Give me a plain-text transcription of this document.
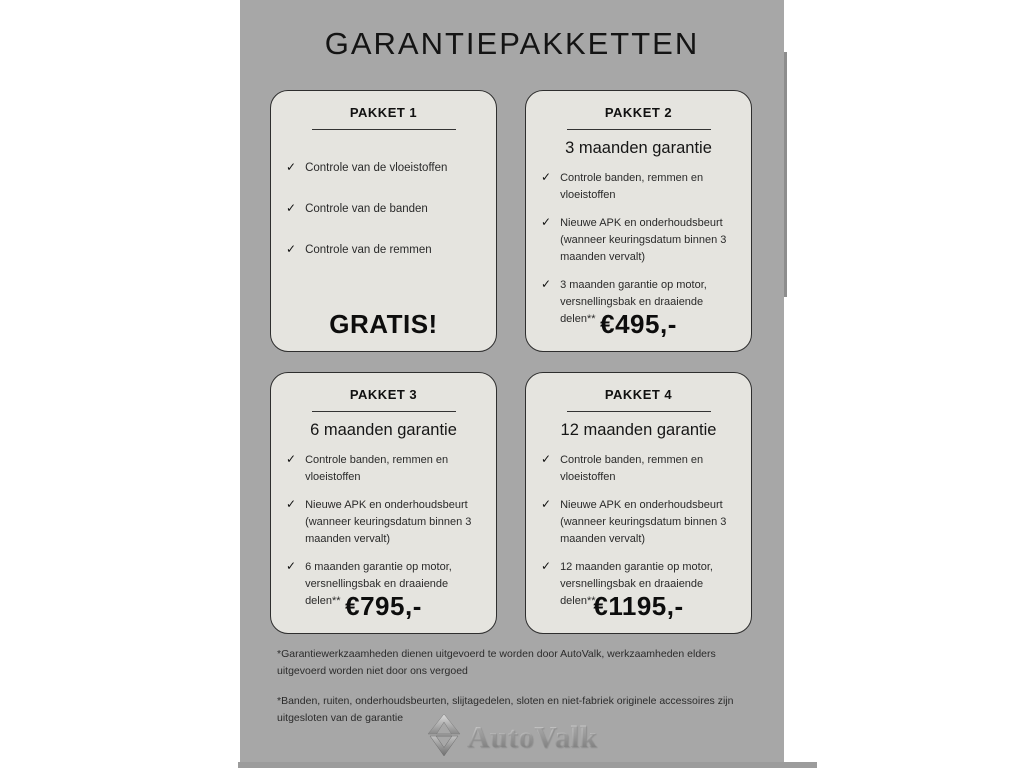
GARANTIEPAKKETTEN
PAKKET 1
✓ Controle van de vloeistoffen
✓ Controle van de banden
✓ Controle van de remmen
GRATIS!
PAKKET 2
3 maanden garantie
✓ Controle banden, remmen en vloeistoffen
✓ Nieuwe APK en onderhoudsbeurt (wanneer keuringsdatum binnen 3 maanden vervalt)
✓ 3 maanden garantie op motor, versnellingsbak en draaiende delen** €495,-
PAKKET 3
6 maanden garantie
✓ Controle banden, remmen en vloeistoffen
✓ Nieuwe APK en onderhoudsbeurt (wanneer keuringsdatum binnen 3 maanden vervalt)
✓ 6 maanden garantie op motor, versnellingsbak en draaiende delen** €795,-
PAKKET 4
12 maanden garantie
✓ Controle banden, remmen en vloeistoffen
✓ Nieuwe APK en onderhoudsbeurt (wanneer keuringsdatum binnen 3 maanden vervalt)
✓ 12 maanden garantie op motor, versnellingsbak en draaiende delen**
€1195,-

*Garantiewerkzaamheden dienen uitgevoerd te worden door AutoValk, werkzaamheden elders uitgevoerd worden niet door ons vergoed

*Banden, ruiten, onderhoudsbeurten, slijtagedelen, sloten en niet-fabriek originele accessoires zijn uitgesloten van de garantie

AutoValk
